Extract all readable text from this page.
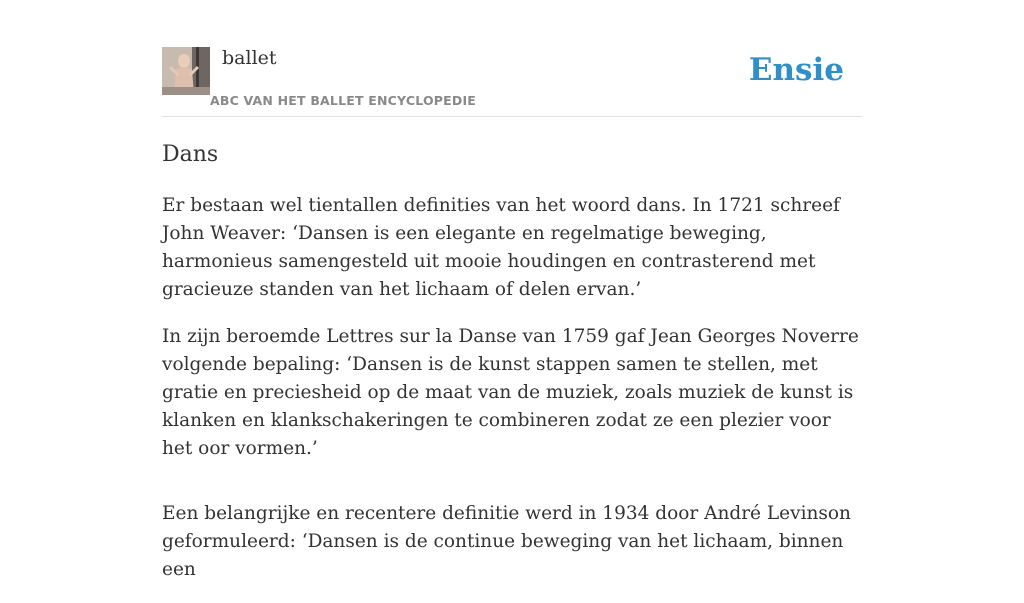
ballet
ABC VAN HET BALLET ENCYCLOPEDIE
Ensie
Dans

Er bestaan wel tientallen definities van het woord dans. In 1721 schreef John Weaver: ‘Dansen is een elegante en regelmatige beweging, harmonieus samengesteld uit mooie houdingen en contrasterend met gracieuze standen van het lichaam of delen ervan.’

In zijn beroemde Lettres sur la Danse van 1759 gaf Jean Georges Noverre volgende bepaling: ‘Dansen is de kunst stappen samen te stellen, met gratie en preciesheid op de maat van de muziek, zoals muziek de kunst is klanken en klankschakeringen te combineren zodat ze een plezier voor het oor vormen.’

Een belangrijke en recentere definitie werd in 1934 door André Levinson geformuleerd: ‘Dansen is de continue beweging van het lichaam, binnen een
